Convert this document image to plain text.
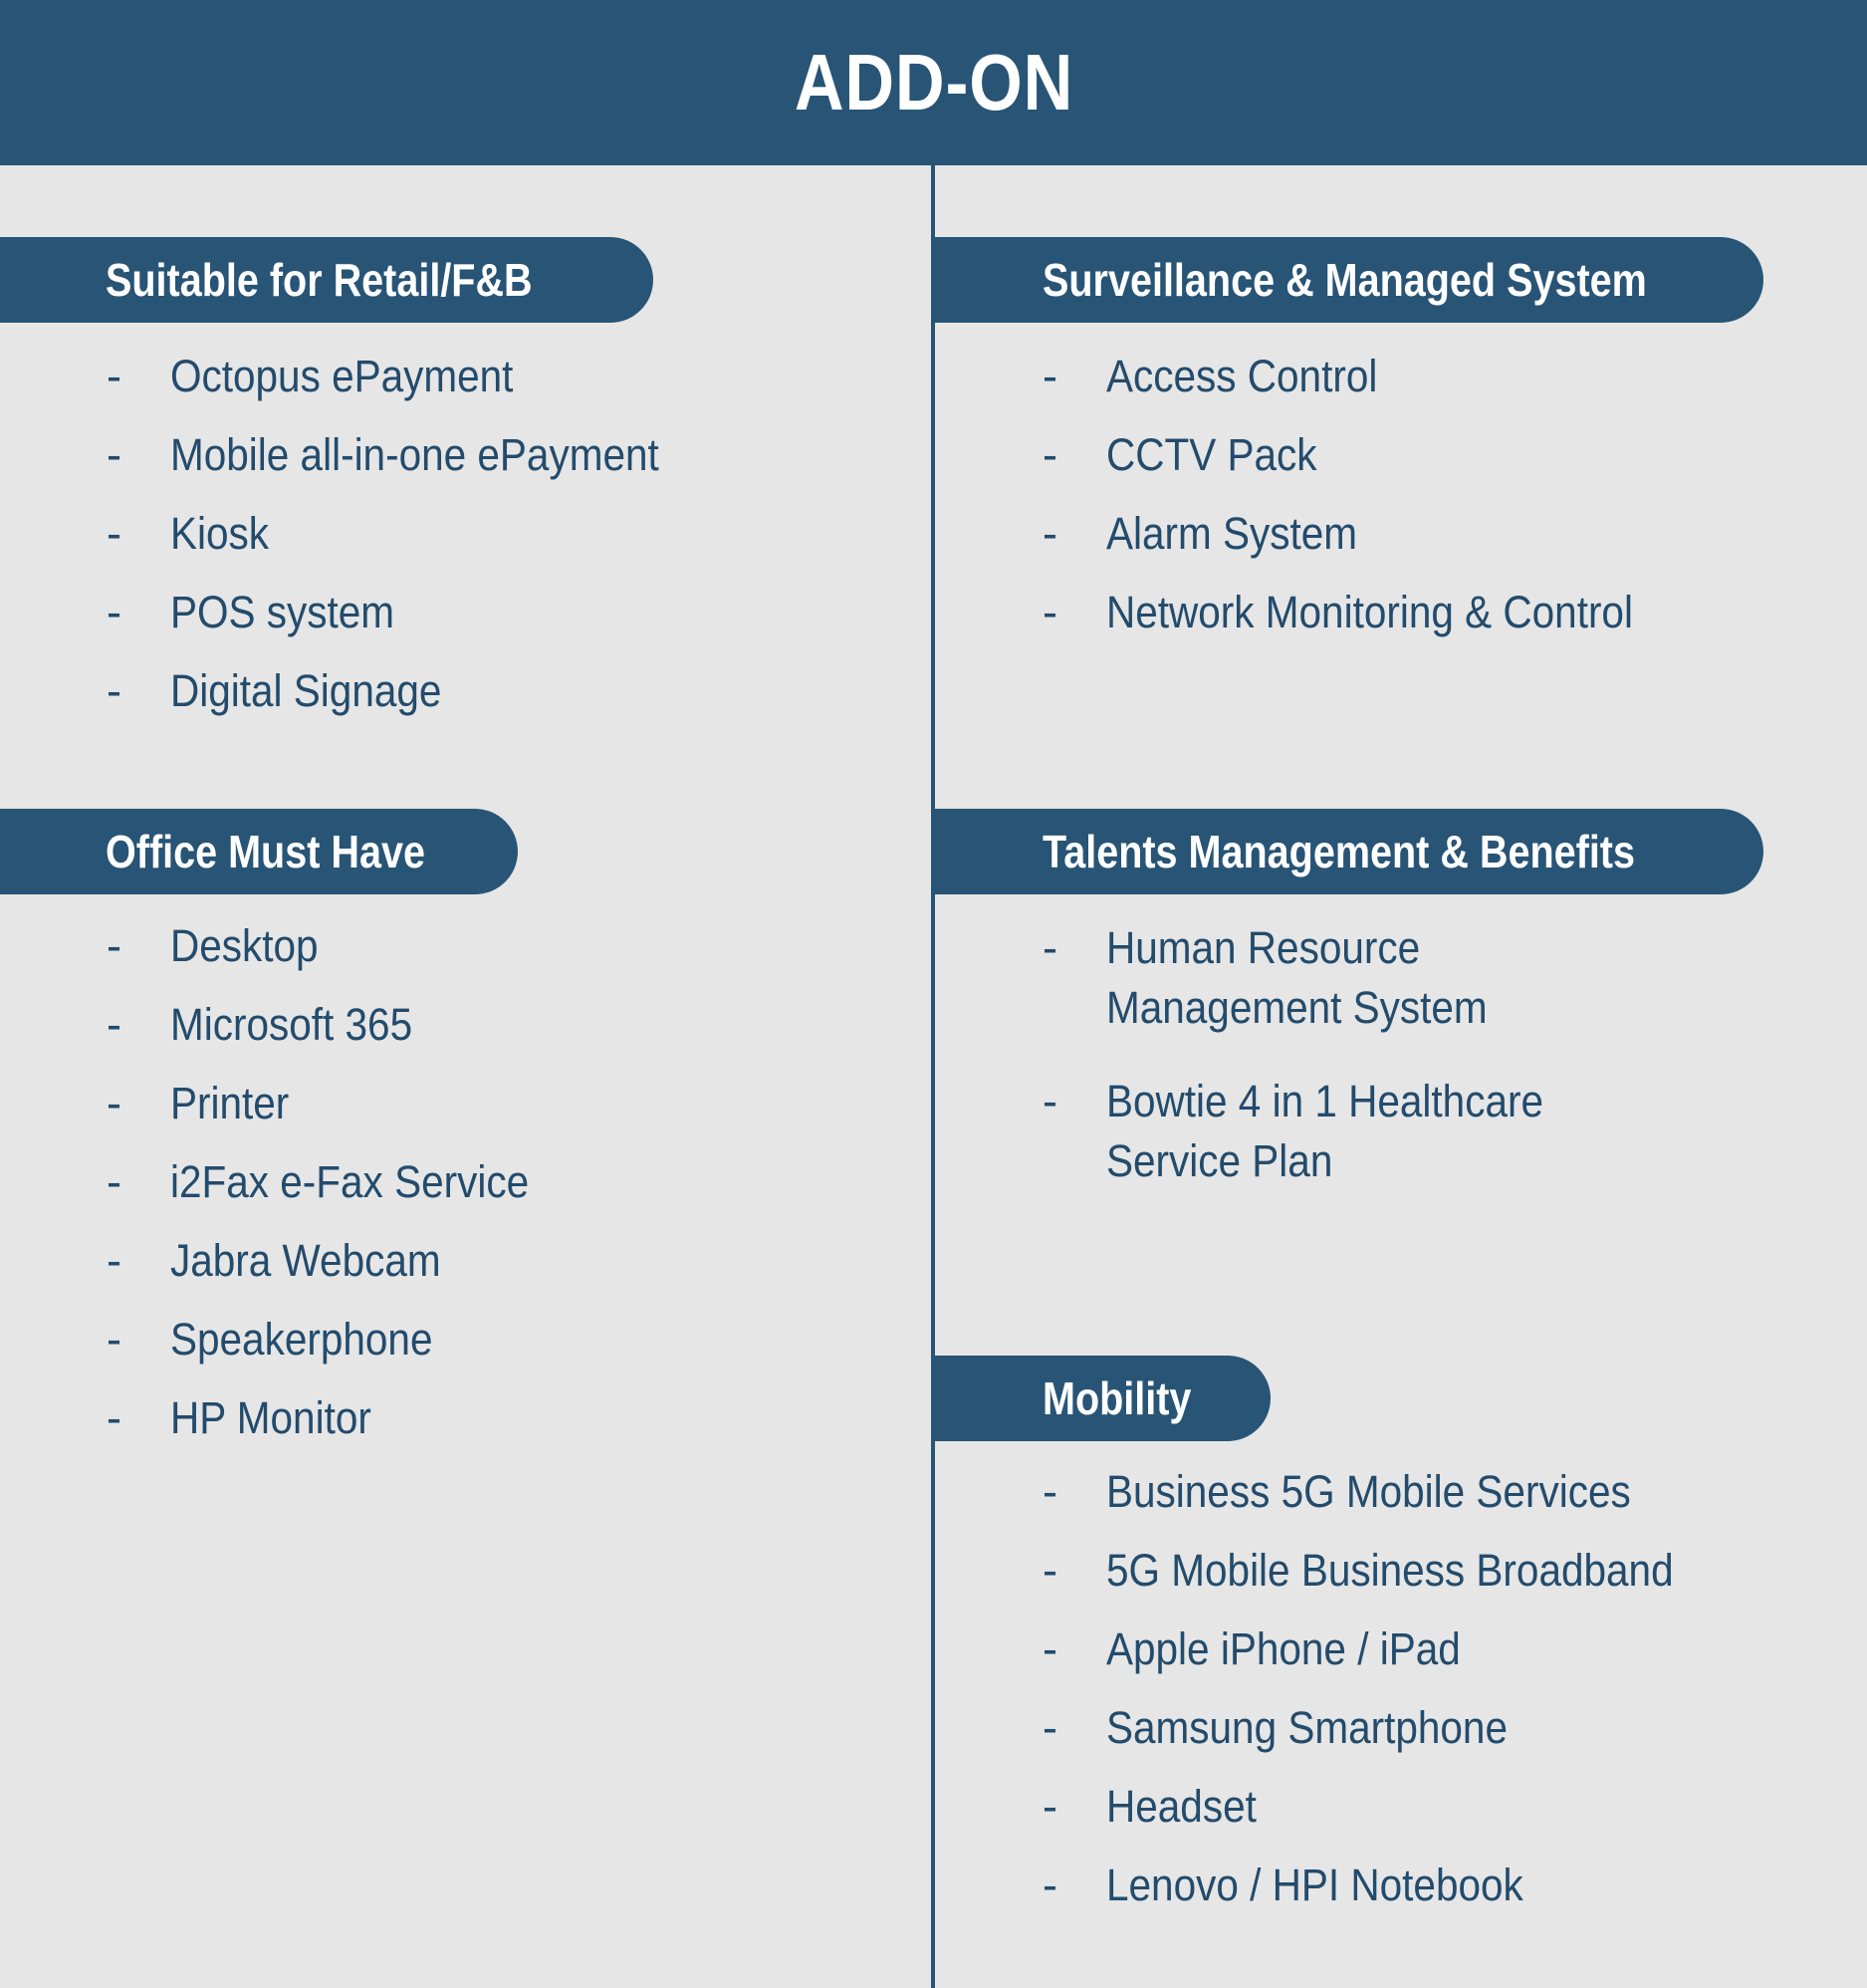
ADD-ON
Suitable for Retail/F&B
- Octopus ePayment
- Mobile all-in-one ePayment
- Kiosk
- POS system
- Digital Signage
Office Must Have
- Desktop
- Microsoft 365
- Printer
- i2Fax e-Fax Service
- Jabra Webcam
- Speakerphone
- HP Monitor
Surveillance & Managed System
- Access Control
- CCTV Pack
- Alarm System
- Network Monitoring & Control
Talents Management & Benefits
- Human Resource Management System
- Bowtie 4 in 1 Healthcare Service Plan
Mobility
- Business 5G Mobile Services
- 5G Mobile Business Broadband
- Apple iPhone / iPad
- Samsung Smartphone
- Headset
- Lenovo / HPI Notebook
